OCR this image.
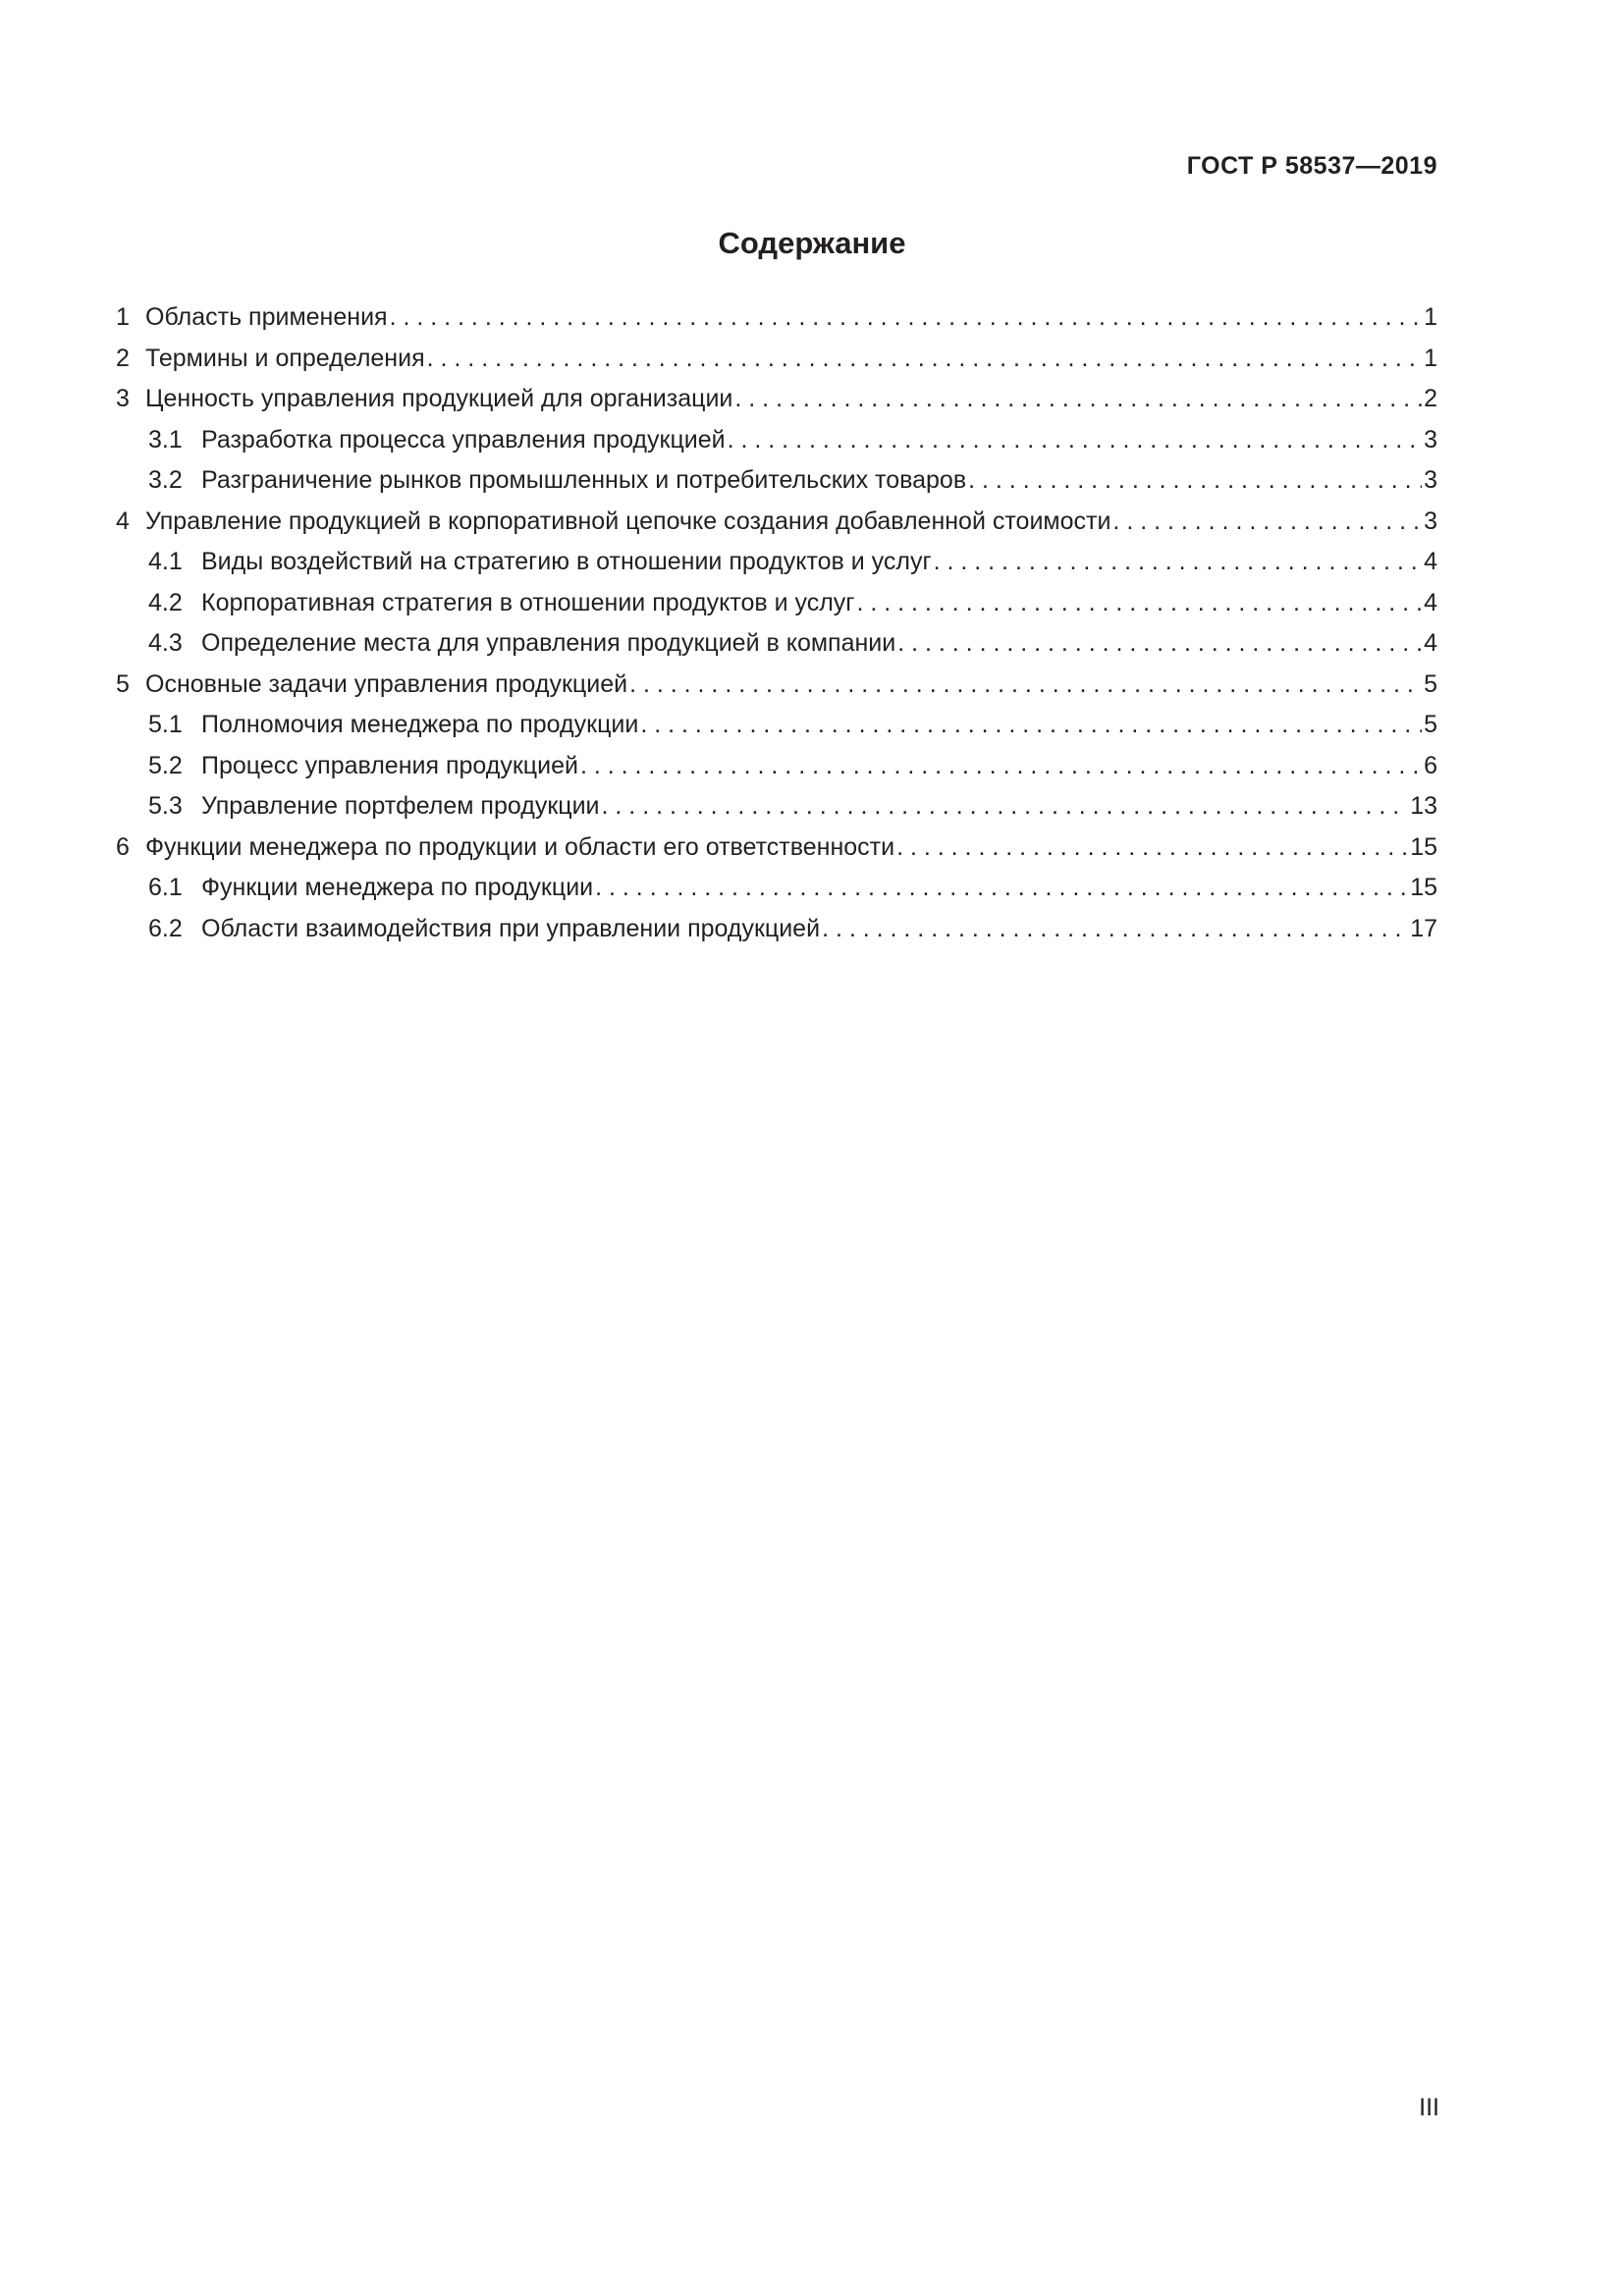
ГОСТ Р 58537—2019
Содержание
1 Область применения . . .	1
2 Термины и определения . . .	1
3 Ценность управления продукцией для организации . . .	2
3.1 Разработка процесса управления продукцией . . .	3
3.2 Разграничение рынков промышленных и потребительских товаров . . .	3
4 Управление продукцией в корпоративной цепочке создания добавленной стоимости . . .	3
4.1 Виды воздействий на стратегию в отношении продуктов и услуг . . .	4
4.2 Корпоративная стратегия в отношении продуктов и услуг . . .	4
4.3 Определение места для управления продукцией в компании . . .	4
5 Основные задачи управления продукцией . . .	5
5.1 Полномочия менеджера по продукции . . .	5
5.2 Процесс управления продукцией . . .	6
5.3 Управление портфелем продукции . . .	13
6 Функции менеджера по продукции и области его ответственности . . .	15
6.1 Функции менеджера по продукции . . .	15
6.2 Области взаимодействия при управлении продукцией . . .	17
III
